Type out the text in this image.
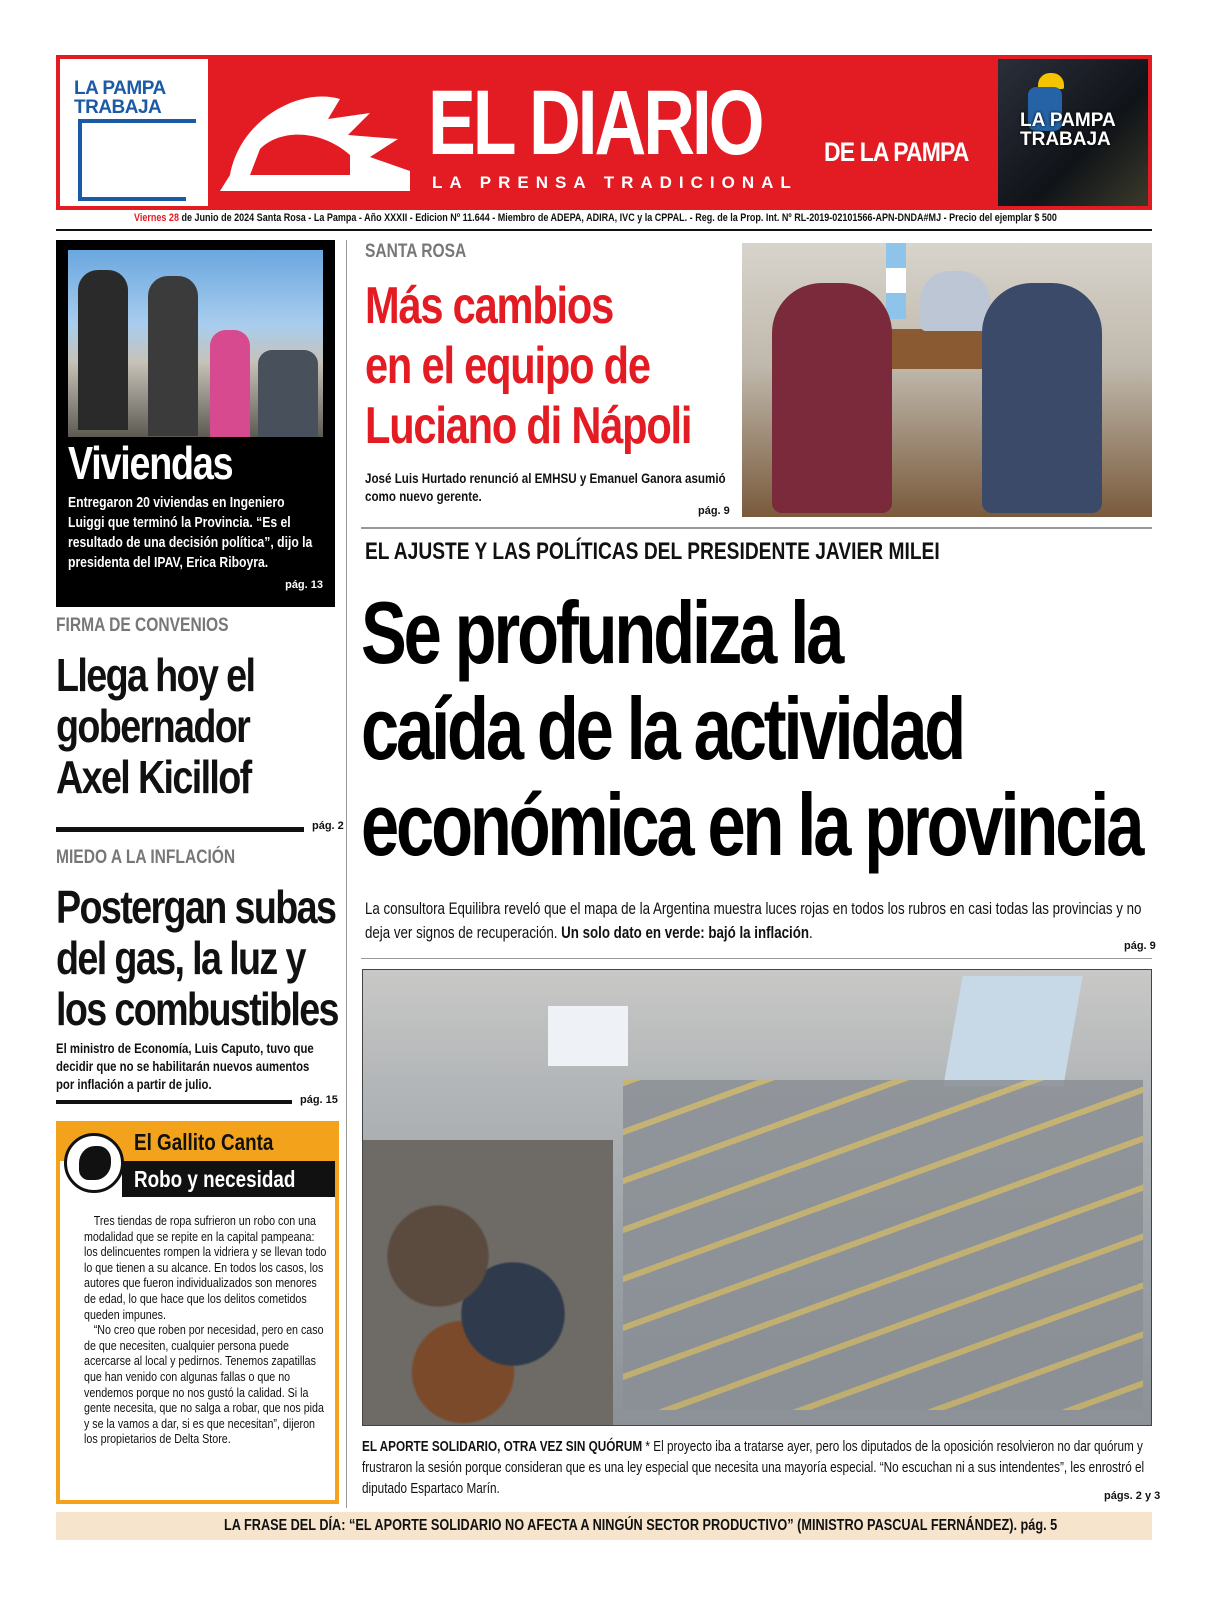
LA PAMPA
TRABAJA	EL DIARIO DE LA PAMPA
LA PRENSA TRADICIONAL
LA PAMPA
TRABAJA
Viernes 28 de Junio de 2024 Santa Rosa - La Pampa - Año XXXII - Edicion Nº 11.644 - Miembro de ADEPA, ADIRA, IVC y la CPPAL. - Reg. de la Prop. Int. Nº RL-2019-02101566-APN-DNDA#MJ - Precio del ejemplar $ 500
Viviendas
Entregaron 20 viviendas en Ingeniero Luiggi que terminó la Provincia. “Es el resultado de una decisión política”, dijo la presidenta del IPAV, Erica Riboyra.
pág. 13
FIRMA DE CONVENIOS
Llega hoy el
gobernador
Axel Kicillof
pág. 2
MIEDO A LA INFLACIÓN
Postergan subas
del gas, la luz y
los combustibles
El ministro de Economía, Luis Caputo, tuvo que decidir que no se habilitarán nuevos aumentos por inflación a partir de julio.
pág. 15
El Gallito Canta
Robo y necesidad

Tres tiendas de ropa sufrieron un robo con una modalidad que se repite en la capital pampeana: los delincuentes rompen la vidriera y se llevan todo lo que tienen a su alcance. En todos los casos, los autores que fueron individualizados son menores de edad, lo que hace que los delitos cometidos queden impunes.

“No creo que roben por necesidad, pero en caso de que necesiten, cualquier persona puede acercarse al local y pedirnos. Tenemos zapatillas que han venido con algunas fallas o que no vendemos porque no nos gustó la calidad. Si la gente necesita, que no salga a robar, que nos pida y se la vamos a dar, si es que necesitan”, dijeron los propietarios de Delta Store.

SANTA ROSA
Más cambios
en el equipo de
Luciano di Nápoli
José Luis Hurtado renunció al EMHSU y Emanuel Ganora asumió como nuevo gerente.
pág. 9
EL AJUSTE Y LAS POLÍTICAS DEL PRESIDENTE JAVIER MILEI
Se profundiza la
caída de la actividad
económica en la provincia
La consultora Equilibra reveló que el mapa de la Argentina muestra luces rojas en todos los rubros en casi todas las provincias y no deja ver signos de recuperación. Un solo dato en verde: bajó la inflación.
pág. 9
EL APORTE SOLIDARIO, OTRA VEZ SIN QUÓRUM * El proyecto iba a tratarse ayer, pero los diputados de la oposición resolvieron no dar quórum y frustraron la sesión porque consideran que es una ley especial que necesita una mayoría especial. “No escuchan ni a sus intendentes”, les enrostró el diputado Espartaco Marín.	págs. 2 y 3
LA FRASE DEL DÍA: “EL APORTE SOLIDARIO NO AFECTA A NINGÚN SECTOR PRODUCTIVO” (MINISTRO PASCUAL FERNÁNDEZ). pág. 5
